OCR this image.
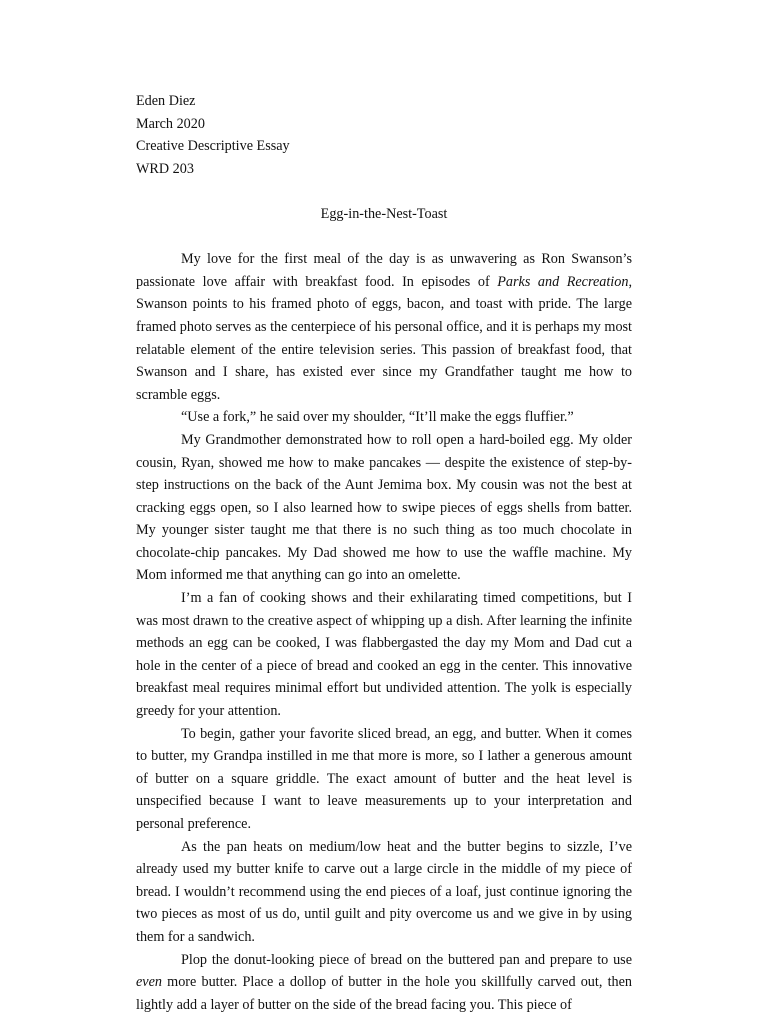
Eden Diez
March 2020
Creative Descriptive Essay
WRD 203
Egg-in-the-Nest-Toast

My love for the first meal of the day is as unwavering as Ron Swanson’s passionate love affair with breakfast food. In episodes of Parks and Recreation, Swanson points to his framed photo of eggs, bacon, and toast with pride. The large framed photo serves as the centerpiece of his personal office, and it is perhaps my most relatable element of the entire television series. This passion of breakfast food, that Swanson and I share, has existed ever since my Grandfather taught me how to scramble eggs.

“Use a fork,” he said over my shoulder, “It’ll make the eggs fluffier.”

My Grandmother demonstrated how to roll open a hard-boiled egg. My older cousin, Ryan, showed me how to make pancakes — despite the existence of step-by-step instructions on the back of the Aunt Jemima box. My cousin was not the best at cracking eggs open, so I also learned how to swipe pieces of eggs shells from batter. My younger sister taught me that there is no such thing as too much chocolate in chocolate-chip pancakes. My Dad showed me how to use the waffle machine. My Mom informed me that anything can go into an omelette.

I’m a fan of cooking shows and their exhilarating timed competitions, but I was most drawn to the creative aspect of whipping up a dish. After learning the infinite methods an egg can be cooked, I was flabbergasted the day my Mom and Dad cut a hole in the center of a piece of bread and cooked an egg in the center. This innovative breakfast meal requires minimal effort but undivided attention. The yolk is especially greedy for your attention.

To begin, gather your favorite sliced bread, an egg, and butter. When it comes to butter, my Grandpa instilled in me that more is more, so I lather a generous amount of butter on a square griddle. The exact amount of butter and the heat level is unspecified because I want to leave measurements up to your interpretation and personal preference.

As the pan heats on medium/low heat and the butter begins to sizzle, I’ve already used my butter knife to carve out a large circle in the middle of my piece of bread. I wouldn’t recommend using the end pieces of a loaf, just continue ignoring the two pieces as most of us do, until guilt and pity overcome us and we give in by using them for a sandwich.

Plop the donut-looking piece of bread on the buttered pan and prepare to use even more butter. Place a dollop of butter in the hole you skillfully carved out, then lightly add a layer of butter on the side of the bread facing you. This piece of
